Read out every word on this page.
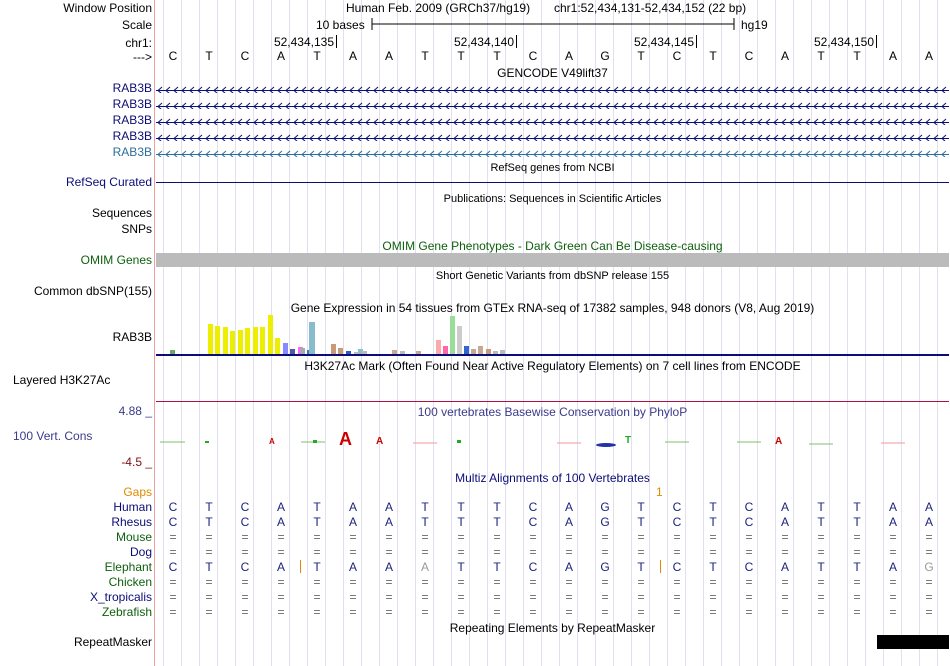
Window Position
Scale
chr1:
--->
RAB3B
RAB3B
RAB3B
RAB3B
RAB3B
RefSeq Curated
Sequences
SNPs
OMIM Genes
Common dbSNP(155)
RAB3B
Layered H3K27Ac
4.88 _
100 Vert. Cons
-4.5 _
Gaps
Human
Rhesus
Mouse
Dog
Elephant
Chicken
X_tropicalis
Zebrafish
RepeatMasker
Human Feb. 2009 (GRCh37/hg19) chr1:52,434,131-52,434,152 (22 bp)
10 bases	hg19
52,434,135	52,434,140	52,434,145	52,434,150
C	T	C	A	T	A	A	T	T	T	C	A	G	T	C	T	C	A	T	T	A	A
GENCODE V49lift37
RefSeq genes from NCBI
Publications: Sequences in Scientific Articles
OMIM Gene Phenotypes - Dark Green Can Be Disease-causing
Short Genetic Variants from dbSNP release 155
Gene Expression in 54 tissues from GTEx RNA-seq of 17382 samples, 948 donors (V8, Aug 2019)
H3K27Ac Mark (Often Found Near Active Regulatory Elements) on 7 cell lines from ENCODE
100 vertebrates Basewise Conservation by PhyloP
A	A A	T	A
Multiz Alignments of 100 Vertebrates
1
C	T	C	A	T	A	A	T	T	T	C	A	G	T	C	T	C	A	T	T	A	A
C	T	C	A	T	A	A	T	T	T	C	A	G	T	C	T	C	A	T	T	A	A
=	=	=	=	=	=	=	=	=	=	=	=	=	=	=	=	=	=	=	=	=	=
=	=	=	=	=	=	=	=	=	=	=	=	=	=	=	=	=	=	=	=	=	=
C	T	C	A	T	A	A	A	T	T	C	A	G	T	C	T	C	A	T	T	A	G
=	=	=	=	=	=	=	=	=	=	=	=	=	=	=	=	=	=	=	=	=	=
=	=	=	=	=	=	=	=	=	=	=	=	=	=	=	=	=	=	=	=	=	=
=	=	=	=	=	=	=	=	=	=	=	=	=	=	=	=	=	=	=	=	=	=
Repeating Elements by RepeatMasker
